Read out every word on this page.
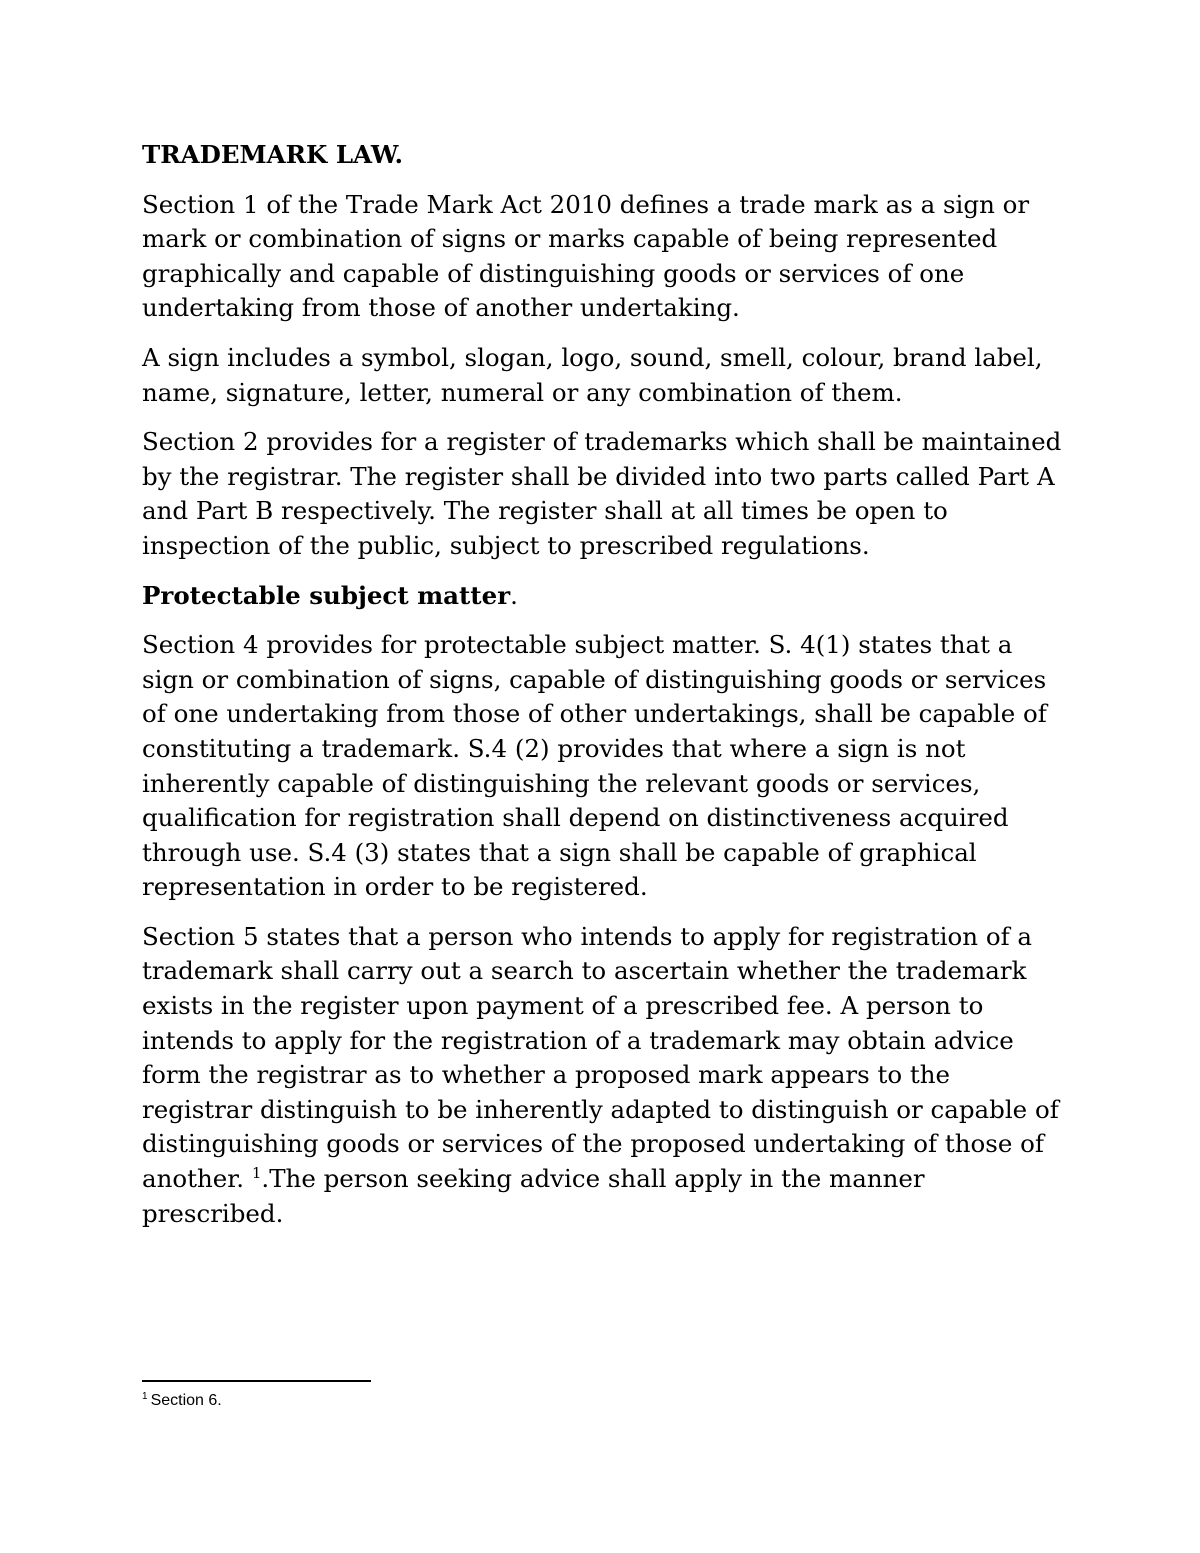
TRADEMARK LAW.

Section 1 of the Trade Mark Act 2010 defines a trade mark as a sign or mark or combination of signs or marks capable of being represented graphically and capable of distinguishing goods or services of one undertaking from those of another undertaking.

A sign includes a symbol, slogan, logo, sound, smell, colour, brand label, name, signature, letter, numeral or any combination of them.

Section 2 provides for a register of trademarks which shall be maintained by the registrar. The register shall be divided into two parts called Part A and Part B respectively. The register shall at all times be open to inspection of the public, subject to prescribed regulations.

Protectable subject matter.

Section 4 provides for protectable subject matter. S. 4(1) states that a sign or combination of signs, capable of distinguishing goods or services of one undertaking from those of other undertakings, shall be capable of constituting a trademark. S.4 (2) provides that where a sign is not inherently capable of distinguishing the relevant goods or services, qualification for registration shall depend on distinctiveness acquired through use. S.4 (3) states that a sign shall be capable of graphical representation in order to be registered.

Section 5 states that a person who intends to apply for registration of a trademark shall carry out a search to ascertain whether the trademark exists in the register upon payment of a prescribed fee. A person to intends to apply for the registration of a trademark may obtain advice form the registrar as to whether a proposed mark appears to the registrar distinguish to be inherently adapted to distinguish or capable of distinguishing goods or services of the proposed undertaking of those of another. $^1$.The person seeking advice shall apply in the manner prescribed.

$^1$ Section 6.
